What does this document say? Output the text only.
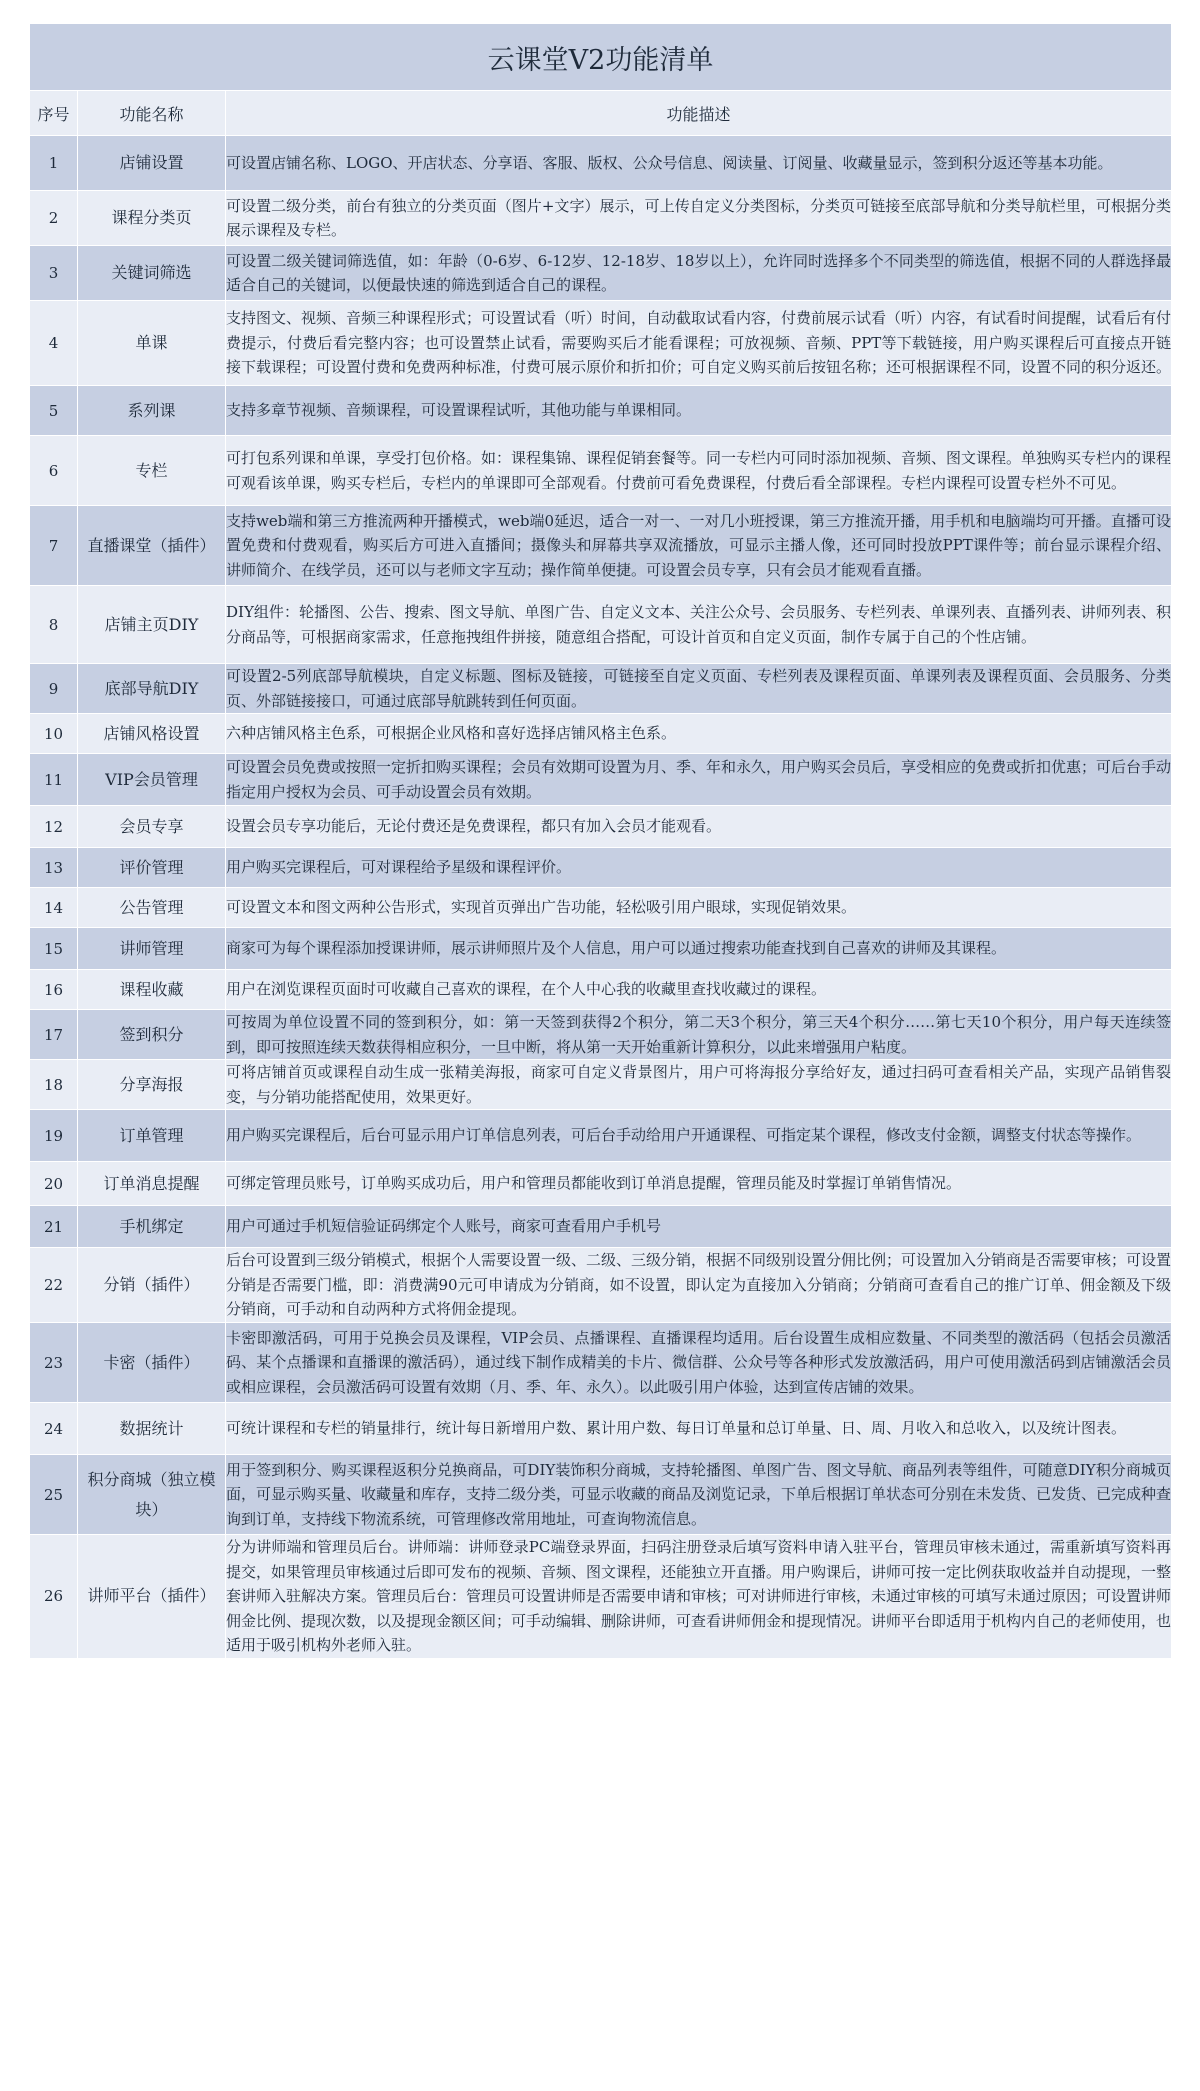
云课堂V2功能清单		
序号	功能名称	功能描述
1	店铺设置	可设置店铺名称、LOGO、开店状态、分享语、客服、版权、公众号信息、阅读量、订阅量、收藏量显示，签到积分返还等基本功能。
2	课程分类页	可设置二级分类，前台有独立的分类页面（图片+文字）展示，可上传自定义分类图标，分类页可链接至底部导航和分类导航栏里，可根据分类展示课程及专栏。
3	关键词筛选	可设置二级关键词筛选值，如：年龄（0-6岁、6-12岁、12-18岁、18岁以上），允许同时选择多个不同类型的筛选值，根据不同的人群选择最适合自己的关键词，以便最快速的筛选到适合自己的课程。
4	单课	支持图文、视频、音频三种课程形式；可设置试看（听）时间，自动截取试看内容，付费前展示试看（听）内容，有试看时间提醒，试看后有付费提示，付费后看完整内容；也可设置禁止试看，需要购买后才能看课程；可放视频、音频、PPT等下载链接，用户购买课程后可直接点开链接下载课程；可设置付费和免费两种标准，付费可展示原价和折扣价；可自定义购买前后按钮名称；还可根据课程不同，设置不同的积分返还。
5	系列课	支持多章节视频、音频课程，可设置课程试听，其他功能与单课相同。
6	专栏	可打包系列课和单课，享受打包价格。如：课程集锦、课程促销套餐等。同一专栏内可同时添加视频、音频、图文课程。单独购买专栏内的课程可观看该单课，购买专栏后，专栏内的单课即可全部观看。付费前可看免费课程，付费后看全部课程。专栏内课程可设置专栏外不可见。
7	直播课堂（插件）	支持web端和第三方推流两种开播模式，web端0延迟，适合一对一、一对几小班授课，第三方推流开播，用手机和电脑端均可开播。直播可设置免费和付费观看，购买后方可进入直播间；摄像头和屏幕共享双流播放，可显示主播人像，还可同时投放PPT课件等；前台显示课程介绍、讲师简介、在线学员，还可以与老师文字互动；操作简单便捷。可设置会员专享，只有会员才能观看直播。
8	店铺主页DIY	DIY组件：轮播图、公告、搜索、图文导航、单图广告、自定义文本、关注公众号、会员服务、专栏列表、单课列表、直播列表、讲师列表、积分商品等，可根据商家需求，任意拖拽组件拼接，随意组合搭配，可设计首页和自定义页面，制作专属于自己的个性店铺。
9	底部导航DIY	可设置2-5列底部导航模块，自定义标题、图标及链接，可链接至自定义页面、专栏列表及课程页面、单课列表及课程页面、会员服务、分类页、外部链接接口，可通过底部导航跳转到任何页面。
10	店铺风格设置	六种店铺风格主色系，可根据企业风格和喜好选择店铺风格主色系。
11	VIP会员管理	可设置会员免费或按照一定折扣购买课程；会员有效期可设置为月、季、年和永久，用户购买会员后，享受相应的免费或折扣优惠；可后台手动指定用户授权为会员、可手动设置会员有效期。
12	会员专享	设置会员专享功能后，无论付费还是免费课程，都只有加入会员才能观看。
13	评价管理	用户购买完课程后，可对课程给予星级和课程评价。
14	公告管理	可设置文本和图文两种公告形式，实现首页弹出广告功能，轻松吸引用户眼球，实现促销效果。
15	讲师管理	商家可为每个课程添加授课讲师，展示讲师照片及个人信息，用户可以通过搜索功能查找到自己喜欢的讲师及其课程。
16	课程收藏	用户在浏览课程页面时可收藏自己喜欢的课程，在个人中心我的收藏里查找收藏过的课程。
17	签到积分	可按周为单位设置不同的签到积分，如：第一天签到获得2个积分，第二天3个积分，第三天4个积分……第七天10个积分，用户每天连续签到，即可按照连续天数获得相应积分，一旦中断，将从第一天开始重新计算积分，以此来增强用户粘度。
18	分享海报	可将店铺首页或课程自动生成一张精美海报，商家可自定义背景图片，用户可将海报分享给好友，通过扫码可查看相关产品，实现产品销售裂变，与分销功能搭配使用，效果更好。
19	订单管理	用户购买完课程后，后台可显示用户订单信息列表，可后台手动给用户开通课程、可指定某个课程，修改支付金额，调整支付状态等操作。
20	订单消息提醒	可绑定管理员账号，订单购买成功后，用户和管理员都能收到订单消息提醒，管理员能及时掌握订单销售情况。
21	手机绑定	用户可通过手机短信验证码绑定个人账号，商家可查看用户手机号
22	分销（插件）	后台可设置到三级分销模式，根据个人需要设置一级、二级、三级分销，根据不同级别设置分佣比例；可设置加入分销商是否需要审核；可设置分销是否需要门槛，即：消费满90元可申请成为分销商，如不设置，即认定为直接加入分销商；分销商可查看自己的推广订单、佣金额及下级分销商，可手动和自动两种方式将佣金提现。
23	卡密（插件）	卡密即激活码，可用于兑换会员及课程，VIP会员、点播课程、直播课程均适用。后台设置生成相应数量、不同类型的激活码（包括会员激活码、某个点播课和直播课的激活码），通过线下制作成精美的卡片、微信群、公众号等各种形式发放激活码，用户可使用激活码到店铺激活会员或相应课程，会员激活码可设置有效期（月、季、年、永久）。以此吸引用户体验，达到宣传店铺的效果。
24	数据统计	可统计课程和专栏的销量排行，统计每日新增用户数、累计用户数、每日订单量和总订单量、日、周、月收入和总收入，以及统计图表。
25	积分商城（独立模块）	用于签到积分、购买课程返积分兑换商品，可DIY装饰积分商城，支持轮播图、单图广告、图文导航、商品列表等组件，可随意DIY积分商城页面，可显示购买量、收藏量和库存，支持二级分类，可显示收藏的商品及浏览记录，下单后根据订单状态可分别在未发货、已发货、已完成种查询到订单，支持线下物流系统，可管理修改常用地址，可查询物流信息。
26	讲师平台（插件）	分为讲师端和管理员后台。讲师端：讲师登录PC端登录界面，扫码注册登录后填写资料申请入驻平台，管理员审核未通过，需重新填写资料再提交，如果管理员审核通过后即可发布的视频、音频、图文课程，还能独立开直播。用户购课后，讲师可按一定比例获取收益并自动提现，一整套讲师入驻解决方案。管理员后台：管理员可设置讲师是否需要申请和审核；可对讲师进行审核，未通过审核的可填写未通过原因；可设置讲师佣金比例、提现次数，以及提现金额区间；可手动编辑、删除讲师，可查看讲师佣金和提现情况。讲师平台即适用于机构内自己的老师使用，也适用于吸引机构外老师入驻。
